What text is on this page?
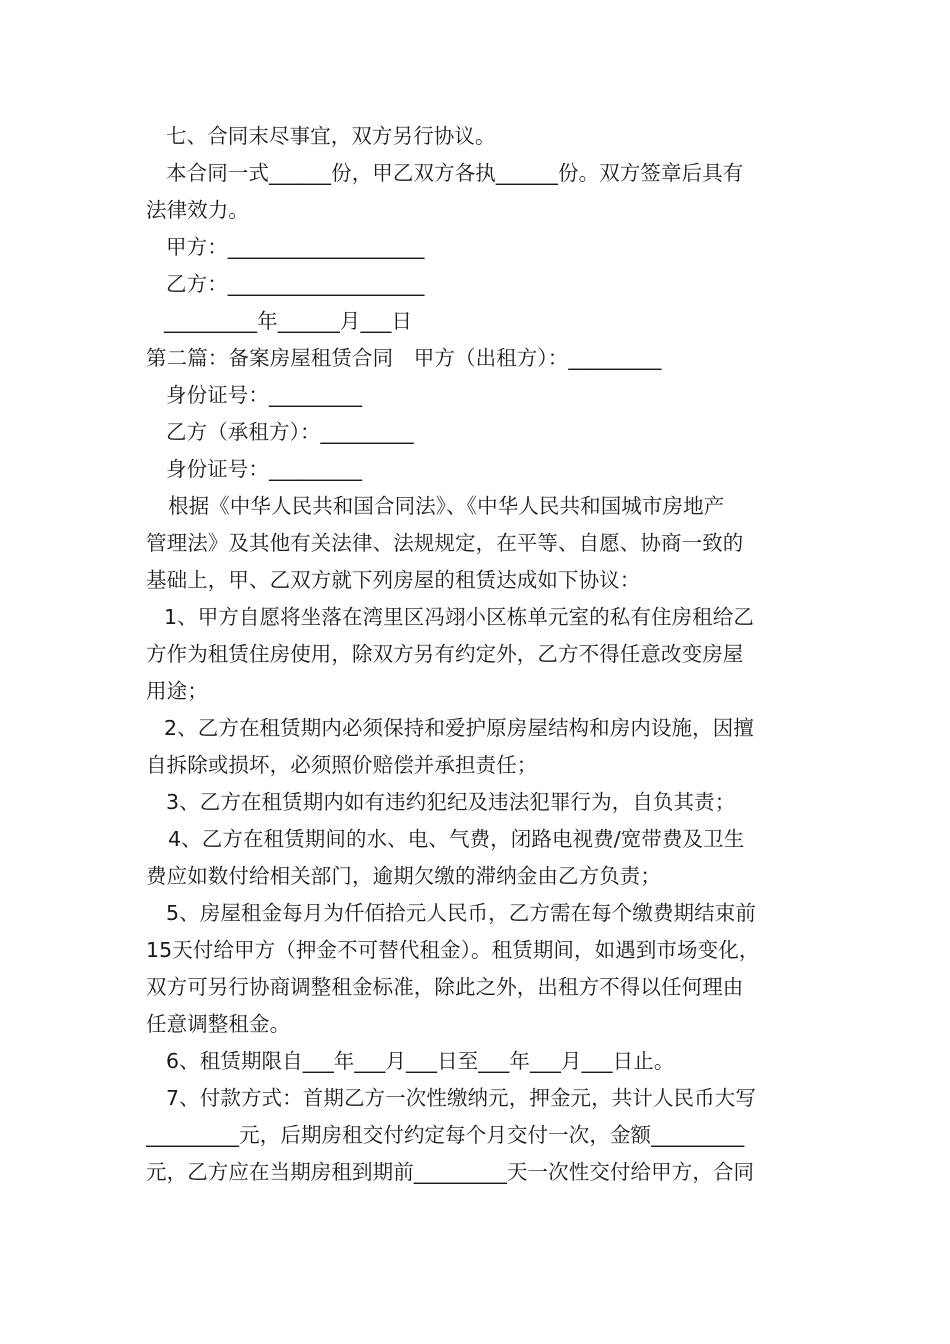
七、合同末尽事宜，双方另行协议。
本合同一式______份，甲乙双方各执______份。双方签章后具有
法律效力。
甲方：___________________
乙方：___________________
_________年______月___日
第二篇：备案房屋租赁合同　甲方（出租方）：_________
身份证号：_________
乙方（承租方）：_________
身份证号：_________
根据《中华人民共和国合同法》、《中华人民共和国城市房地产
管理法》及其他有关法律、法规规定，在平等、自愿、协商一致的
基础上，甲、乙双方就下列房屋的租赁达成如下协议：
1、甲方自愿将坐落在湾里区冯翊小区栋单元室的私有住房租给乙
方作为租赁住房使用，除双方另有约定外，乙方不得任意改变房屋
用途；
2、乙方在租赁期内必须保持和爱护原房屋结构和房内设施，因擅
自拆除或损坏，必须照价赔偿并承担责任；
3、乙方在租赁期内如有违约犯纪及违法犯罪行为，自负其责；
4、乙方在租赁期间的水、电、气费，闭路电视费/宽带费及卫生
费应如数付给相关部门，逾期欠缴的滞纳金由乙方负责；
5、房屋租金每月为仟佰拾元人民币，乙方需在每个缴费期结束前
15天付给甲方（押金不可替代租金）。租赁期间，如遇到市场变化，
双方可另行协商调整租金标准，除此之外，出租方不得以任何理由
任意调整租金。
6、租赁期限自___年___月___日至___年___月___日止。
7、付款方式：首期乙方一次性缴纳元，押金元，共计人民币大写
_________元，后期房租交付约定每个月交付一次，金额_________
元，乙方应在当期房租到期前_________天一次性交付给甲方，合同
